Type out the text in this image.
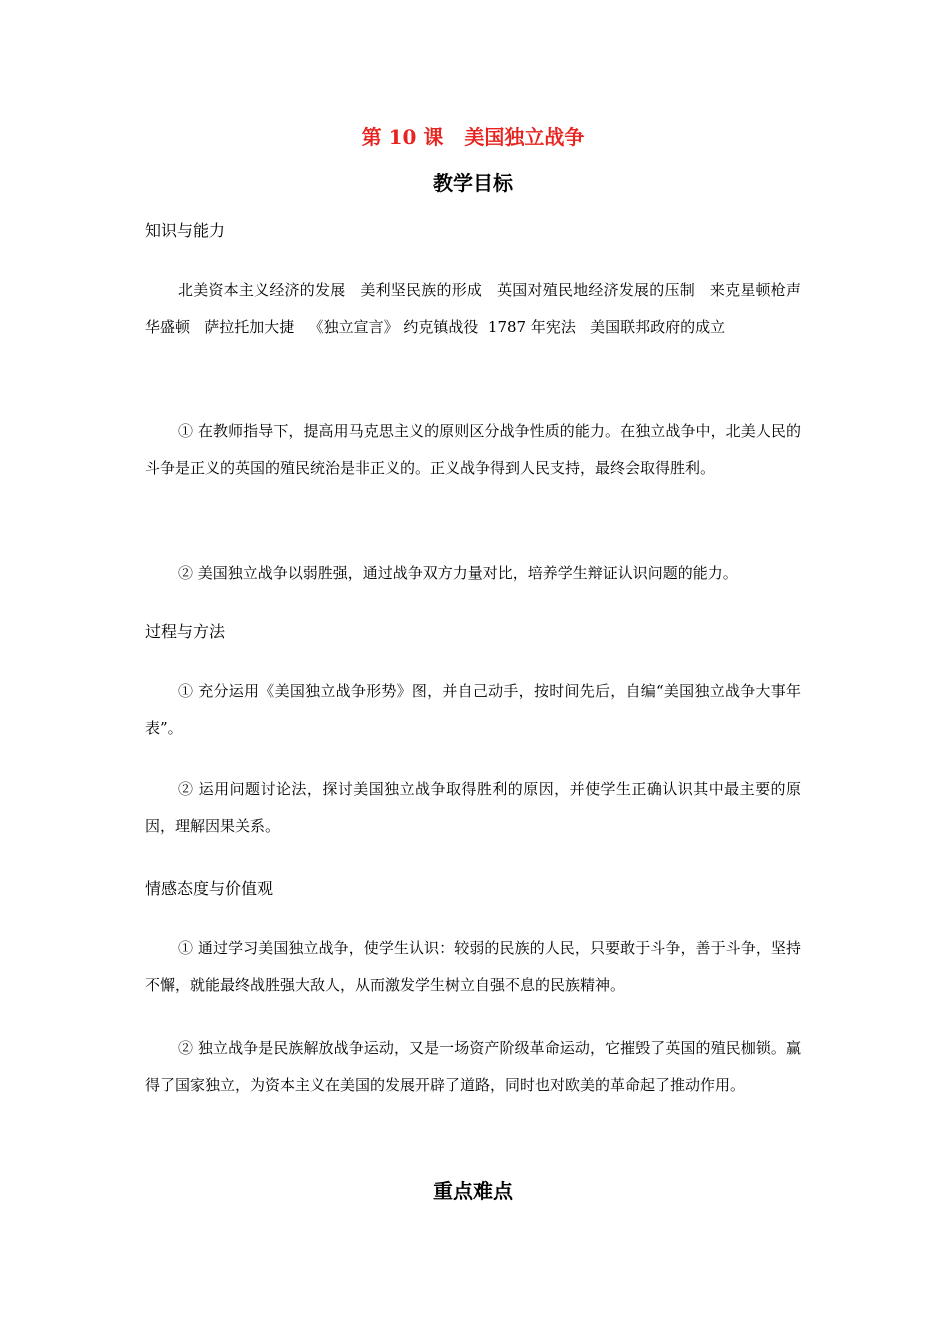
第 10 课   美国独立战争
教学目标
知识与能力

北美资本主义经济的发展   美利坚民族的形成   英国对殖民地经济发展的压制   来克星顿枪声   华盛顿   萨拉托加大捷   《独立宣言》 约克镇战役  1787 年宪法   美国联邦政府的成立

① 在教师指导下，提高用马克思主义的原则区分战争性质的能力。在独立战争中，北美人民的斗争是正义的英国的殖民统治是非正义的。正义战争得到人民支持，最终会取得胜利。

② 美国独立战争以弱胜强，通过战争双方力量对比，培养学生辩证认识问题的能力。

过程与方法

① 充分运用《美国独立战争形势》图，并自己动手，按时间先后，自编“美国独立战争大事年表”。

② 运用问题讨论法，探讨美国独立战争取得胜利的原因，并使学生正确认识其中最主要的原因，理解因果关系。

情感态度与价值观

① 通过学习美国独立战争，使学生认识：较弱的民族的人民，只要敢于斗争，善于斗争，坚持不懈，就能最终战胜强大敌人，从而激发学生树立自强不息的民族精神。

② 独立战争是民族解放战争运动，又是一场资产阶级革命运动，它摧毁了英国的殖民枷锁。赢得了国家独立，为资本主义在美国的发展开辟了道路，同时也对欧美的革命起了推动作用。

重点难点
